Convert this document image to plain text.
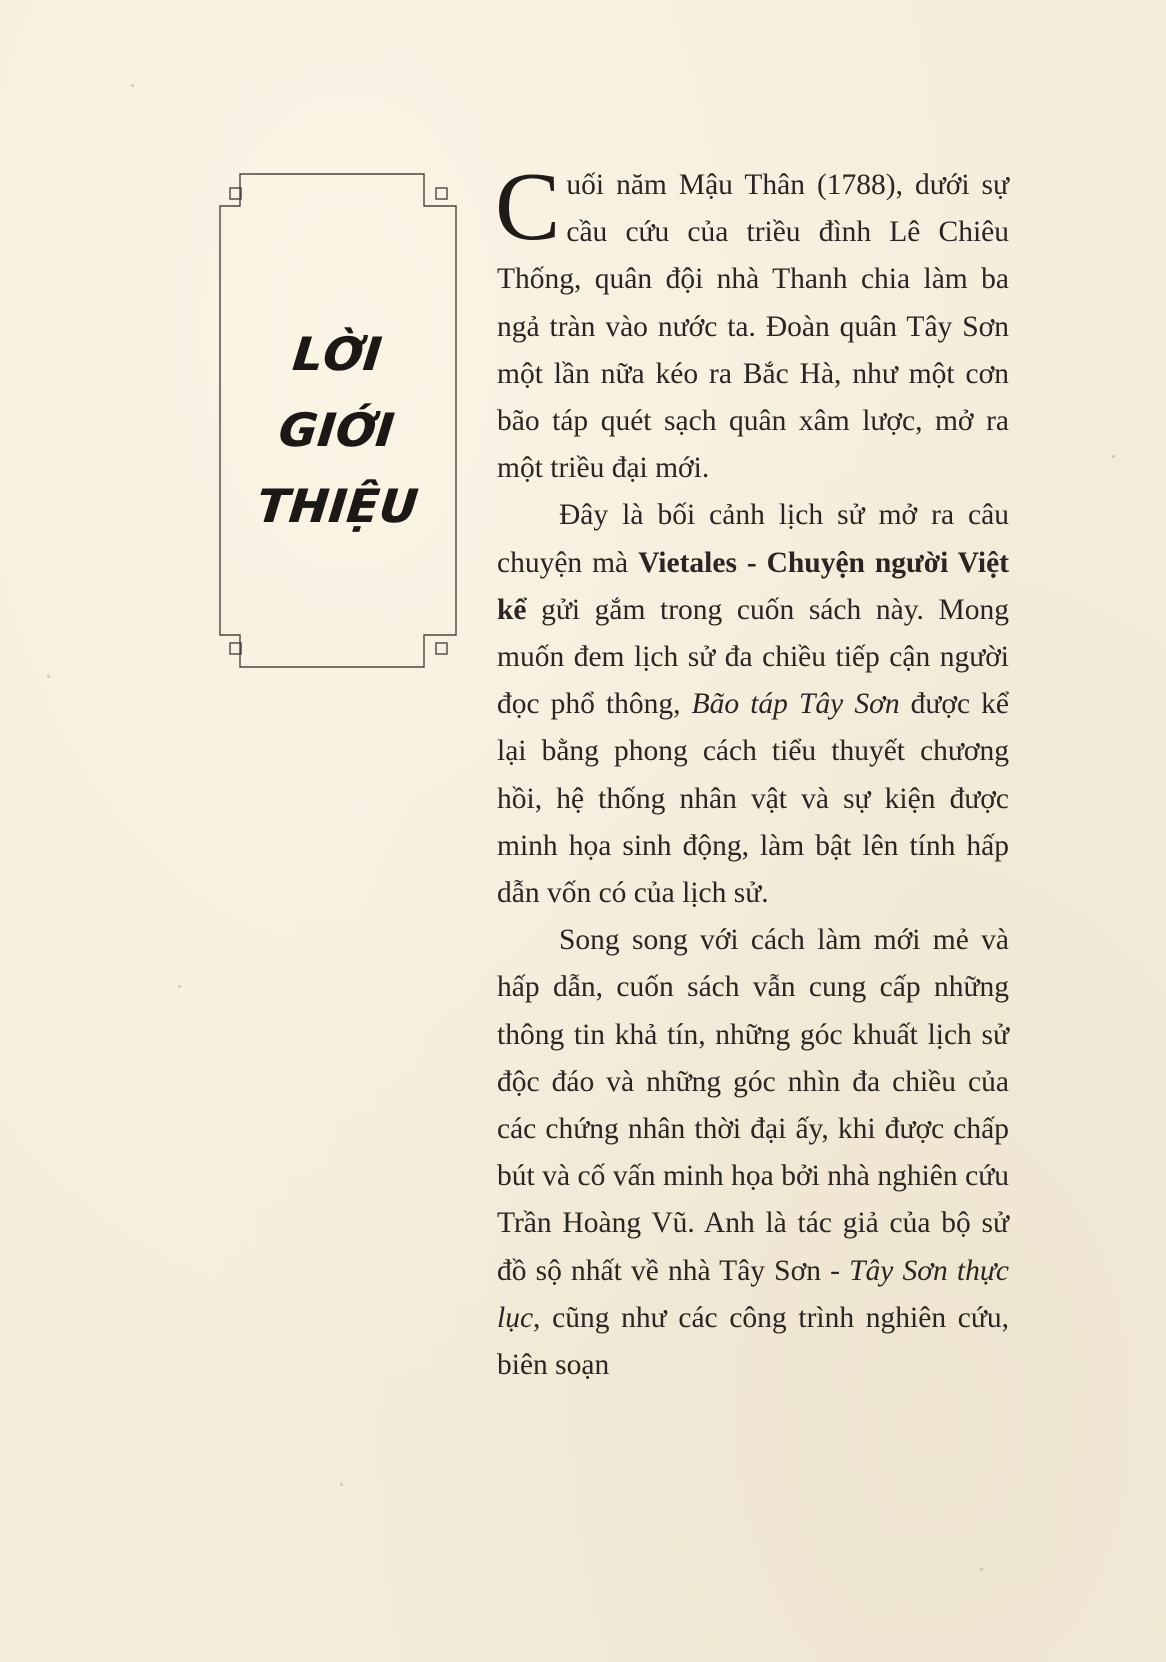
LỜI
GIỚI
THIỆU

Cuối năm Mậu Thân (1788), dưới sự cầu cứu của triều đình Lê Chiêu Thống, quân đội nhà Thanh chia làm ba ngả tràn vào nước ta. Đoàn quân Tây Sơn một lần nữa kéo ra Bắc Hà, như một cơn bão táp quét sạch quân xâm lược, mở ra một triều đại mới.

Đây là bối cảnh lịch sử mở ra câu chuyện mà Vietales - Chuyện người Việt kể gửi gắm trong cuốn sách này. Mong muốn đem lịch sử đa chiều tiếp cận người đọc phổ thông, Bão táp Tây Sơn được kể lại bằng phong cách tiểu thuyết chương hồi, hệ thống nhân vật và sự kiện được minh họa sinh động, làm bật lên tính hấp dẫn vốn có của lịch sử.

Song song với cách làm mới mẻ và hấp dẫn, cuốn sách vẫn cung cấp những thông tin khả tín, những góc khuất lịch sử độc đáo và những góc nhìn đa chiều của các chứng nhân thời đại ấy, khi được chấp bút và cố vấn minh họa bởi nhà nghiên cứu Trần Hoàng Vũ. Anh là tác giả của bộ sử đồ sộ nhất về nhà Tây Sơn - Tây Sơn thực lục, cũng như các công trình nghiên cứu, biên soạn
